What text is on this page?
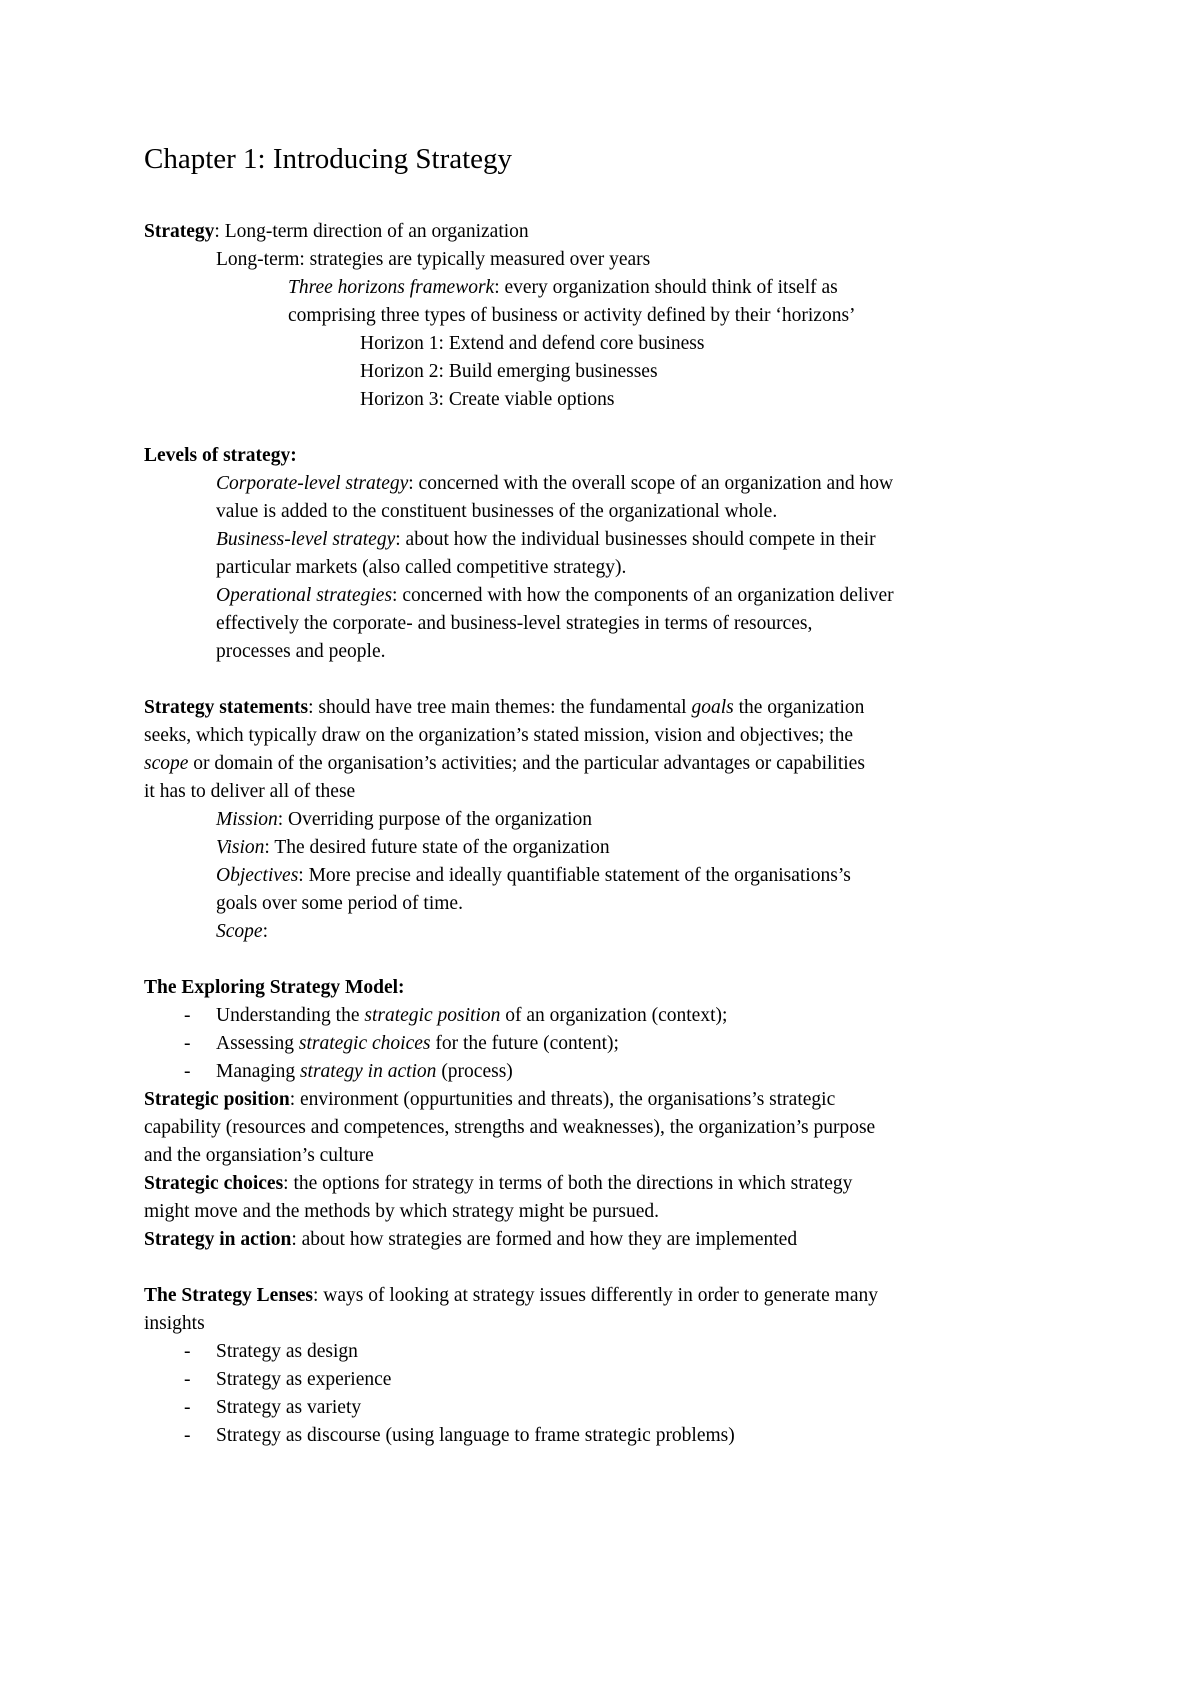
Chapter 1: Introducing Strategy
Strategy: Long-term direction of an organization
Long-term: strategies are typically measured over years
Three horizons framework: every organization should think of itself as
comprising three types of business or activity defined by their ‘horizons’
Horizon 1: Extend and defend core business
Horizon 2: Build emerging businesses
Horizon 3: Create viable options
Levels of strategy:
Corporate-level strategy: concerned with the overall scope of an organization and how
value is added to the constituent businesses of the organizational whole.
Business-level strategy: about how the individual businesses should compete in their
particular markets (also called competitive strategy).
Operational strategies: concerned with how the components of an organization deliver
effectively the corporate- and business-level strategies in terms of resources,
processes and people.
Strategy statements: should have tree main themes: the fundamental goals the organization
seeks, which typically draw on the organization’s stated mission, vision and objectives; the
scope or domain of the organisation’s activities; and the particular advantages or capabilities
it has to deliver all of these
Mission: Overriding purpose of the organization
Vision: The desired future state of the organization
Objectives: More precise and ideally quantifiable statement of the organisations’s
goals over some period of time.
Scope:
The Exploring Strategy Model:
- Understanding the strategic position of an organization (context);
- Assessing strategic choices for the future (content);
- Managing strategy in action (process)
Strategic position: environment (oppurtunities and threats), the organisations’s strategic
capability (resources and competences, strengths and weaknesses), the organization’s purpose
and the organsiation’s culture
Strategic choices: the options for strategy in terms of both the directions in which strategy
might move and the methods by which strategy might be pursued.
Strategy in action: about how strategies are formed and how they are implemented
The Strategy Lenses: ways of looking at strategy issues differently in order to generate many
insights
- Strategy as design
- Strategy as experience
- Strategy as variety
- Strategy as discourse (using language to frame strategic problems)
